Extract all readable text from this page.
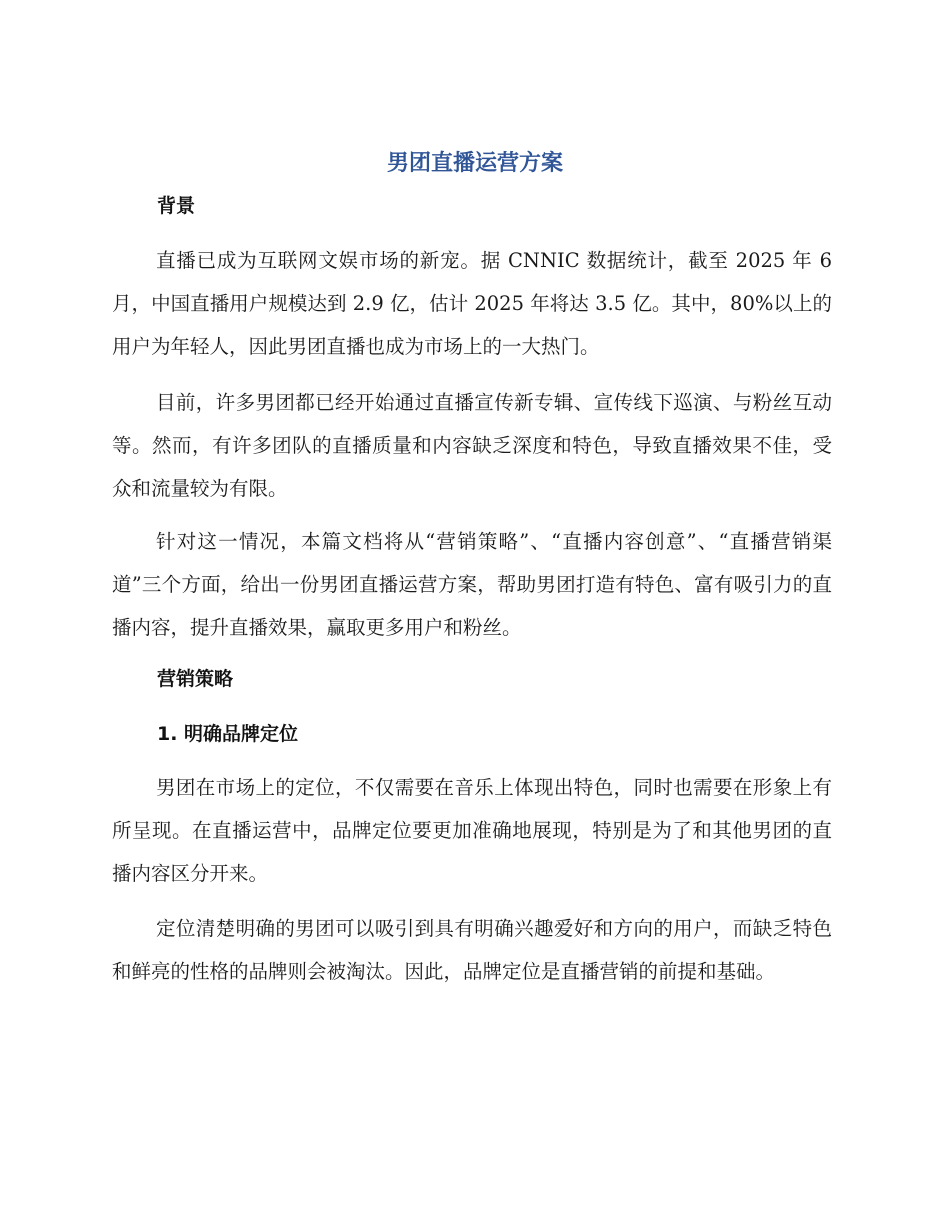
男团直播运营方案
背景

直播已成为互联网文娱市场的新宠。据 CNNIC 数据统计，截至 2025 年 6 月，中国直播用户规模达到 2.9 亿，估计 2025 年将达 3.5 亿。其中，80%以上的用户为年轻人，因此男团直播也成为市场上的一大热门。

目前，许多男团都已经开始通过直播宣传新专辑、宣传线下巡演、与粉丝互动等。然而，有许多团队的直播质量和内容缺乏深度和特色，导致直播效果不佳，受众和流量较为有限。

针对这一情况，本篇文档将从“营销策略”、“直播内容创意”、“直播营销渠道”三个方面，给出一份男团直播运营方案，帮助男团打造有特色、富有吸引力的直播内容，提升直播效果，赢取更多用户和粉丝。

营销策略
1. 明确品牌定位

男团在市场上的定位，不仅需要在音乐上体现出特色，同时也需要在形象上有所呈现。在直播运营中，品牌定位要更加准确地展现，特别是为了和其他男团的直播内容区分开来。

定位清楚明确的男团可以吸引到具有明确兴趣爱好和方向的用户，而缺乏特色和鲜亮的性格的品牌则会被淘汰。因此，品牌定位是直播营销的前提和基础。
